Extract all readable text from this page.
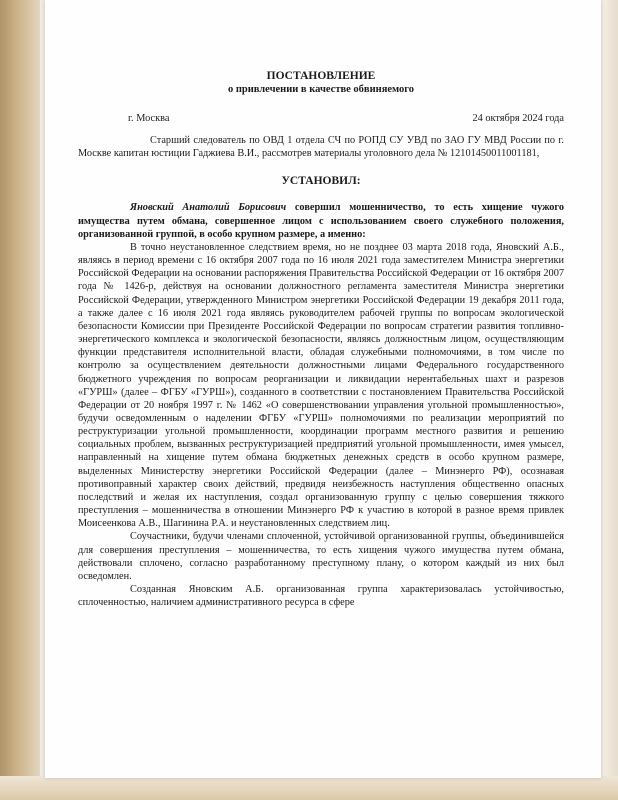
ПОСТАНОВЛЕНИЕ
о привлечении в качестве обвиняемого
г. Москва	24 октября 2024 года

Старший следователь по ОВД 1 отдела СЧ по РОПД СУ УВД по ЗАО ГУ МВД России по г. Москве капитан юстиции Гаджиева В.И., рассмотрев материалы уголовного дела № 12101450011001181,

УСТАНОВИЛ:

Яновский Анатолий Борисович совершил мошенничество, то есть хищение чужого имущества путем обмана, совершенное лицом с использованием своего служебного положения, организованной группой, в особо крупном размере, а именно:

В точно неустановленное следствием время, но не позднее 03 марта 2018 года, Яновский А.Б., являясь в период времени с 16 октября 2007 года по 16 июля 2021 года заместителем Министра энергетики Российской Федерации на основании распоряжения Правительства Российской Федерации от 16 октября 2007 года № 1426-р, действуя на основании должностного регламента заместителя Министра энергетики Российской Федерации, утвержденного Министром энергетики Российской Федерации 19 декабря 2011 года, а также далее с 16 июля 2021 года являясь руководителем рабочей группы по вопросам экологической безопасности Комиссии при Президенте Российской Федерации по вопросам стратегии развития топливно-энергетического комплекса и экологической безопасности, являясь должностным лицом, осуществляющим функции представителя исполнительной власти, обладая служебными полномочиями, в том числе по контролю за осуществлением деятельности должностными лицами Федерального государственного бюджетного учреждения по вопросам реорганизации и ликвидации нерентабельных шахт и разрезов «ГУРШ» (далее – ФГБУ «ГУРШ»), созданного в соответствии с постановлением Правительства Российской Федерации от 20 ноября 1997 г. № 1462 «О совершенствовании управления угольной промышленностью», будучи осведомленным о наделении ФГБУ «ГУРШ» полномочиями по реализации мероприятий по реструктуризации угольной промышленности, координации программ местного развития и решению социальных проблем, вызванных реструктуризацией предприятий угольной промышленности, имея умысел, направленный на хищение путем обмана бюджетных денежных средств в особо крупном размере, выделенных Министерству энергетики Российской Федерации (далее – Минэнерго РФ), осознавая противоправный характер своих действий, предвидя неизбежность наступления общественно опасных последствий и желая их наступления, создал организованную группу с целью совершения тяжкого преступления – мошенничества в отношении Минэнерго РФ к участию в которой в разное время привлек Моисеенкова А.В., Шагинина Р.А. и неустановленных следствием лиц.

Соучастники, будучи членами сплоченной, устойчивой организованной группы, объединившейся для совершения преступления – мошенничества, то есть хищения чужого имущества путем обмана, действовали сплочено, согласно разработанному преступному плану, о котором каждый из них был осведомлен.

Созданная Яновским А.Б. организованная группа характеризовалась устойчивостью, сплоченностью, наличием административного ресурса в сфере
